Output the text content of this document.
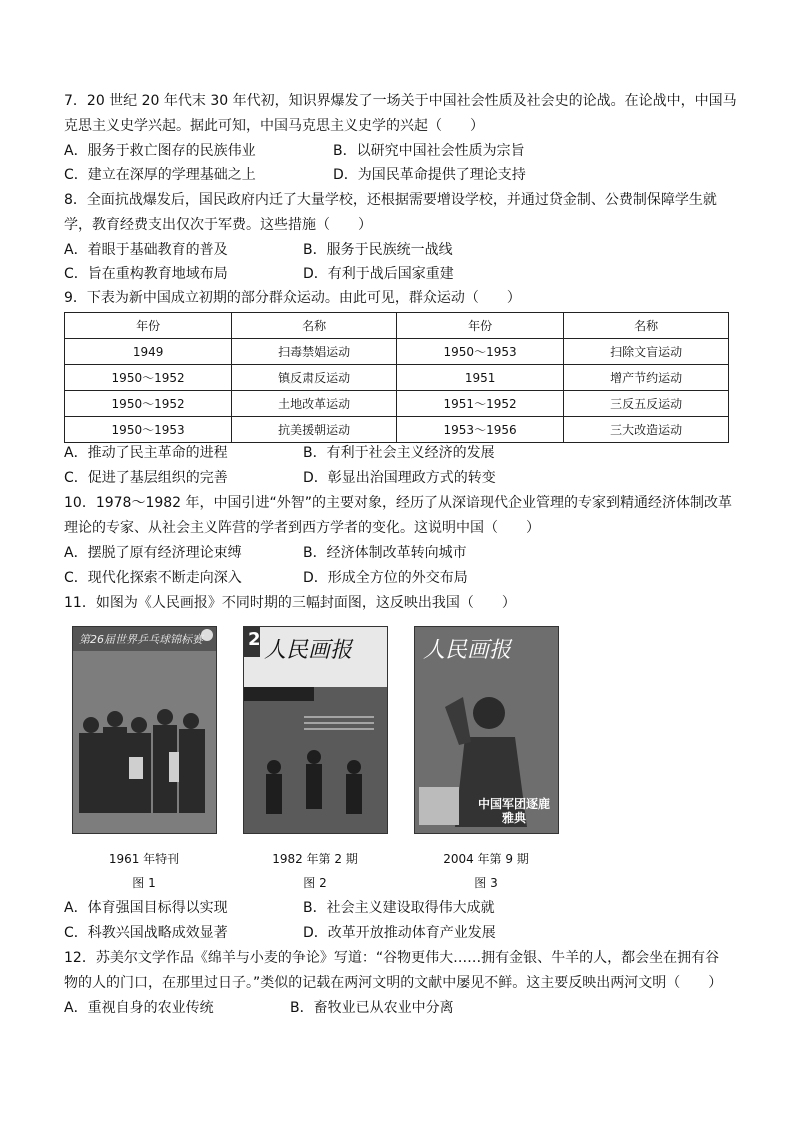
7．20 世纪 20 年代末 30 年代初，知识界爆发了一场关于中国社会性质及社会史的论战。在论战中，中国马
克思主义史学兴起。据此可知，中国马克思主义史学的兴起（　　）
A．服务于救亡图存的民族伟业	B．以研究中国社会性质为宗旨
C．建立在深厚的学理基础之上	D．为国民革命提供了理论支持
8．全面抗战爆发后，国民政府内迁了大量学校，还根据需要增设学校，并通过贷金制、公费制保障学生就
学，教育经费支出仅次于军费。这些措施（　　）
A．着眼于基础教育的普及	B．服务于民族统一战线
C．旨在重构教育地域布局	D．有利于战后国家重建
9．下表为新中国成立初期的部分群众运动。由此可见，群众运动（　　）
年份	名称	年份	名称
1949	扫毒禁娼运动	1950～1953	扫除文盲运动
1950～1952	镇反肃反运动	1951	增产节约运动
1950～1952	土地改革运动	1951～1952	三反五反运动
1950～1953	抗美援朝运动	1953～1956	三大改造运动
A．推动了民主革命的进程	B．有利于社会主义经济的发展
C．促进了基层组织的完善	D．彰显出治国理政方式的转变
10．1978～1982 年，中国引进“外智”的主要对象，经历了从深谙现代企业管理的专家到精通经济体制改革
理论的专家、从社会主义阵营的学者到西方学者的变化。这说明中国（　　）
A．摆脱了原有经济理论束缚	B．经济体制改革转向城市
C．现代化探索不断走向深入	D．形成全方位的外交布局
11．如图为《人民画报》不同时期的三幅封面图，这反映出我国（　　）
第26届世界乒乓球锦标赛	2 人民画报	人民画报
中国军团逐鹿雅典
1961 年特刊	1982 年第 2 期	2004 年第 9 期
图 1	图 2	图 3
A．体育强国目标得以实现	B．社会主义建设取得伟大成就
C．科教兴国战略成效显著	D．改革开放推动体育产业发展
12．苏美尔文学作品《绵羊与小麦的争论》写道：“谷物更伟大……拥有金银、牛羊的人，都会坐在拥有谷
物的人的门口，在那里过日子。”类似的记载在两河文明的文献中屡见不鲜。这主要反映出两河文明（　　）
A．重视自身的农业传统	B．畜牧业已从农业中分离
